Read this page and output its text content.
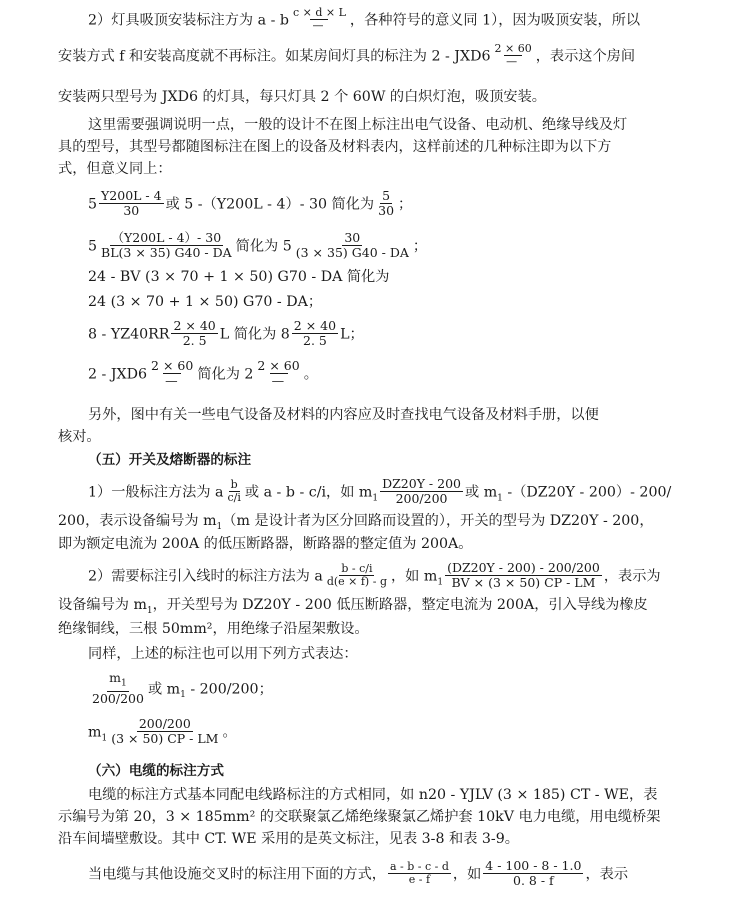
2）灯具吸顶安装标注方为 a - b $\frac{c \times d \times L}{—}$ ，各种符号的意义同 1），因为吸顶安装，所以
安装方式 f 和安装高度就不再标注。如某房间灯具的标注为 $2 - JXD6 \frac{2 \times 60}{—}$ ，表示这个房间
安装两只型号为 JXD6 的灯具，每只灯具 2 个 60W 的白炽灯泡，吸顶安装。
这里需要强调说明一点，一般的设计不在图上标注出电气设备、电动机、绝缘导线及灯
具的型号，其型号都随图标注在图上的设备及材料表内，这样前述的几种标注即为以下方
式，但意义同上：
$5 \frac{Y200L - 4}{30}$ 或 5 -（Y200L - 4）- 30 简化为 $\frac{5}{30}$ ；
$5 \frac{(Y200L - 4)- 30}{BL(3 \times 35) G40 - DA}$ 简化为 $5 \frac{30}{(3 \times 35) G40 - DA}$ ；
24 - BV (3 × 70 + 1 × 50) G70 - DA 简化为
24 (3 × 70 + 1 × 50) G70 - DA；
$8 - YZ40RR \frac{2 \times 40}{2. 5}$ L 简化为 $8 \frac{2 \times 40}{2. 5}$ L；
$2 - JXD6 \frac{2 \times 60}{—}$ 简化为 $2 \frac{2 \times 60}{—}$ 。
另外，图中有关一些电气设备及材料的内容应及时查找电气设备及材料手册，以便
核对。
（五）开关及熔断器的标注
1）一般标注方法为 a $\frac{b}{c/i}$ 或 a - b - c/i，如 $m_1 \frac{DZ20Y - 200}{200/200}$ 或 $m_1$ -（DZ20Y - 200）- 200/
200，表示设备编号为 $m_1(m$ 是设计者为区分回路而设置的），开关的型号为 DZ20Y - 200，
即为额定电流为 200A 的低压断路器，断路器的整定值为 200A。
2）需要标注引入线时的标注方法为 a $\frac{b - c/i}{d(e \times f) - g}$ ，如 $m_1 \frac{(DZ20Y - 200) - 200/200}{BV \times (3 \times 50) CP - LM}$ ，表示为
设备编号为 $m_1$，开关型号为 DZ20Y - 200 低压断路器，整定电流为 200A，引入导线为橡皮
绝缘铜线，三根 50mm²，用绝缘子沿屋架敷设。
同样，上述的标注也可以用下列方式表达：
$\frac{m_1}{200/200}$ 或 $m_1 - 200/200$；
$m_1 \frac{200/200}{(3 \times 50) CP - LM}$ 。
（六）电缆的标注方式
电缆的标注方式基本同配电线路标注的方式相同，如 n20 - YJLV (3 × 185) CT - WE，表
示编号为第 20，3 × 185mm² 的交联聚氯乙烯绝缘聚氯乙烯护套 10kV 电力电缆，用电缆桥架
沿车间墙壁敷设。其中 CT. WE 采用的是英文标注，见表 3-8 和表 3-9。
当电缆与其他设施交叉时的标注用下面的方式， $\frac{a - b - c - d}{e - f}$ ，如 $\frac{4 - 100 - 8 - 1.0}{0. 8 - f}$ ，表示
